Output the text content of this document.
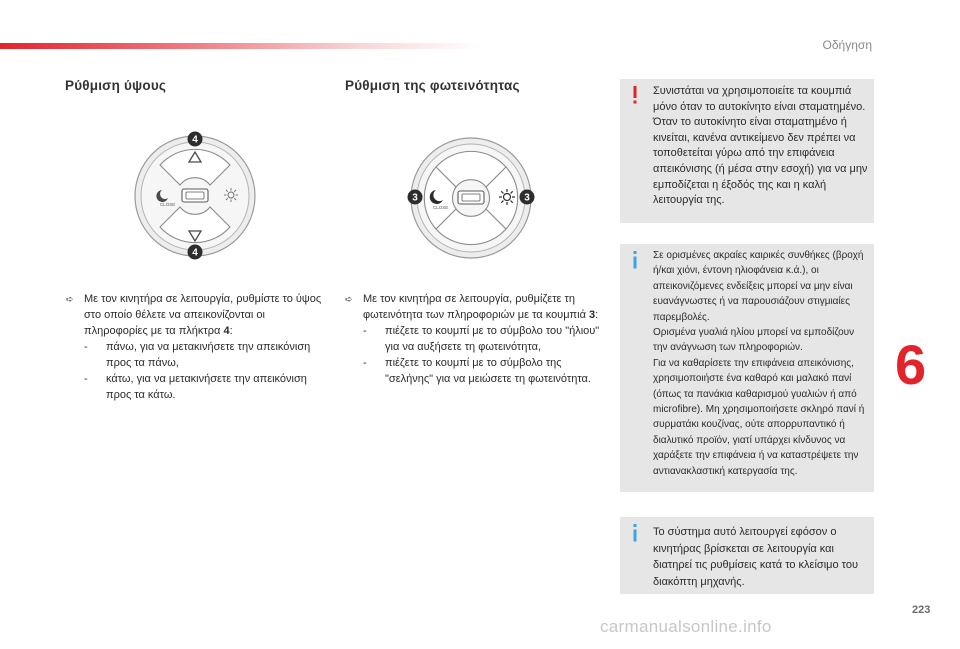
Οδήγηση
Ρύθμιση ύψους
CLOSE
4
4
➪ Με τον κινητήρα σε λειτουργία, ρυθμίστε το ύψος στο οποίο θέλετε να απεικονίζονται οι πληροφορίες με τα πλήκτρα 4:
- πάνω, για να μετακινήσετε την απεικόνιση προς τα πάνω,
- κάτω, για να μετακινήσετε την απεικόνιση προς τα κάτω.
Ρύθμιση της φωτεινότητας
CLOSE
3	3
➪ Με τον κινητήρα σε λειτουργία, ρυθμίζετε τη φωτεινότητα των πληροφοριών με τα κουμπιά 3:
- πιέζετε το κουμπί με το σύμβολο του "ήλιου" για να αυξήσετε τη φωτεινότητα,
- πιέζετε το κουμπί με το σύμβολο της "σελήνης" για να μειώσετε τη φωτεινότητα.
Συνιστάται να χρησιμοποιείτε τα κουμπιά μόνο όταν το αυτοκίνητο είναι σταματημένο.
Όταν το αυτοκίνητο είναι σταματημένο ή κινείται, κανένα αντικείμενο δεν πρέπει να τοποθετείται γύρω από την επιφάνεια απεικόνισης (ή μέσα στην εσοχή) για να μην εμποδίζεται η έξοδός της και η καλή λειτουργία της.
Σε ορισμένες ακραίες καιρικές συνθήκες (βροχή ή/και χιόνι, έντονη ηλιοφάνεια κ.ά.), οι απεικονιζόμενες ενδείξεις μπορεί να μην είναι ευανάγνωστες ή να παρουσιάζουν στιγμιαίες παρεμβολές.
Ορισμένα γυαλιά ηλίου μπορεί να εμποδίζουν την ανάγνωση των πληροφοριών.
Για να καθαρίσετε την επιφάνεια απεικόνισης, χρησιμοποιήστε ένα καθαρό και μαλακό πανί (όπως τα πανάκια καθαρισμού γυαλιών ή από microfibre). Μη χρησιμοποιήσετε σκληρό πανί ή συρματάκι κουζίνας, ούτε απορρυπαντικό ή διαλυτικό προϊόν, γιατί υπάρχει κίνδυνος να χαράξετε την επιφάνεια ή να καταστρέψετε την αντιανακλαστική κατεργασία της.
Το σύστημα αυτό λειτουργεί εφόσον ο κινητήρας βρίσκεται σε λειτουργία και διατηρεί τις ρυθμίσεις κατά το κλείσιμο του διακόπτη μηχανής.
6
223
carmanualsonline.info
